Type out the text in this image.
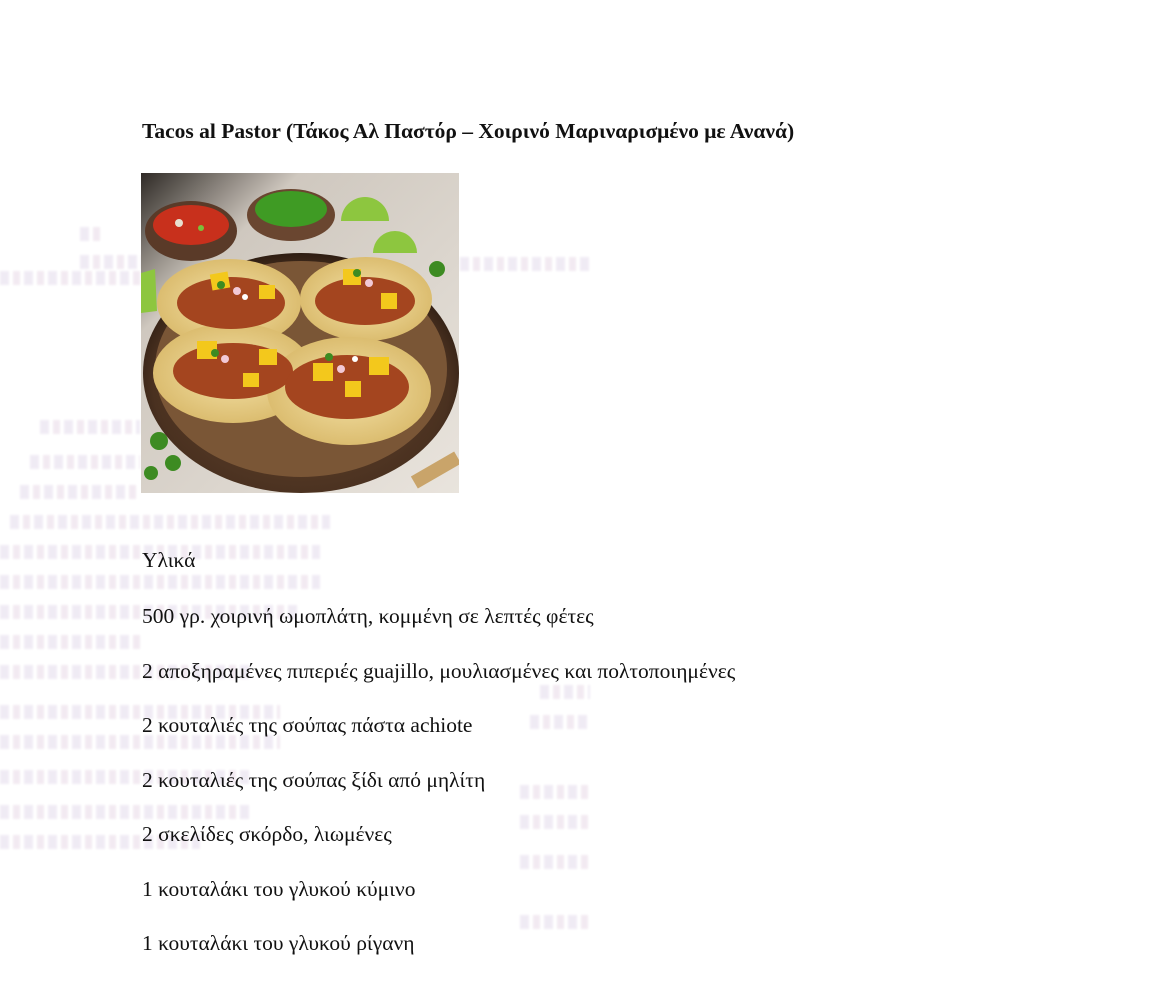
Tacos al Pastor (Τάκος Αλ Παστόρ – Χοιρινό Μαριναρισμένο με Ανανά)
Υλικά
500 γρ. χοιρινή ωμοπλάτη, κομμένη σε λεπτές φέτες
2 αποξηραμένες πιπεριές guajillo, μουλιασμένες και πολτοποιημένες
2 κουταλιές της σούπας πάστα achiote
2 κουταλιές της σούπας ξίδι από μηλίτη
2 σκελίδες σκόρδο, λιωμένες
1 κουταλάκι του γλυκού κύμινο
1 κουταλάκι του γλυκού ρίγανη
